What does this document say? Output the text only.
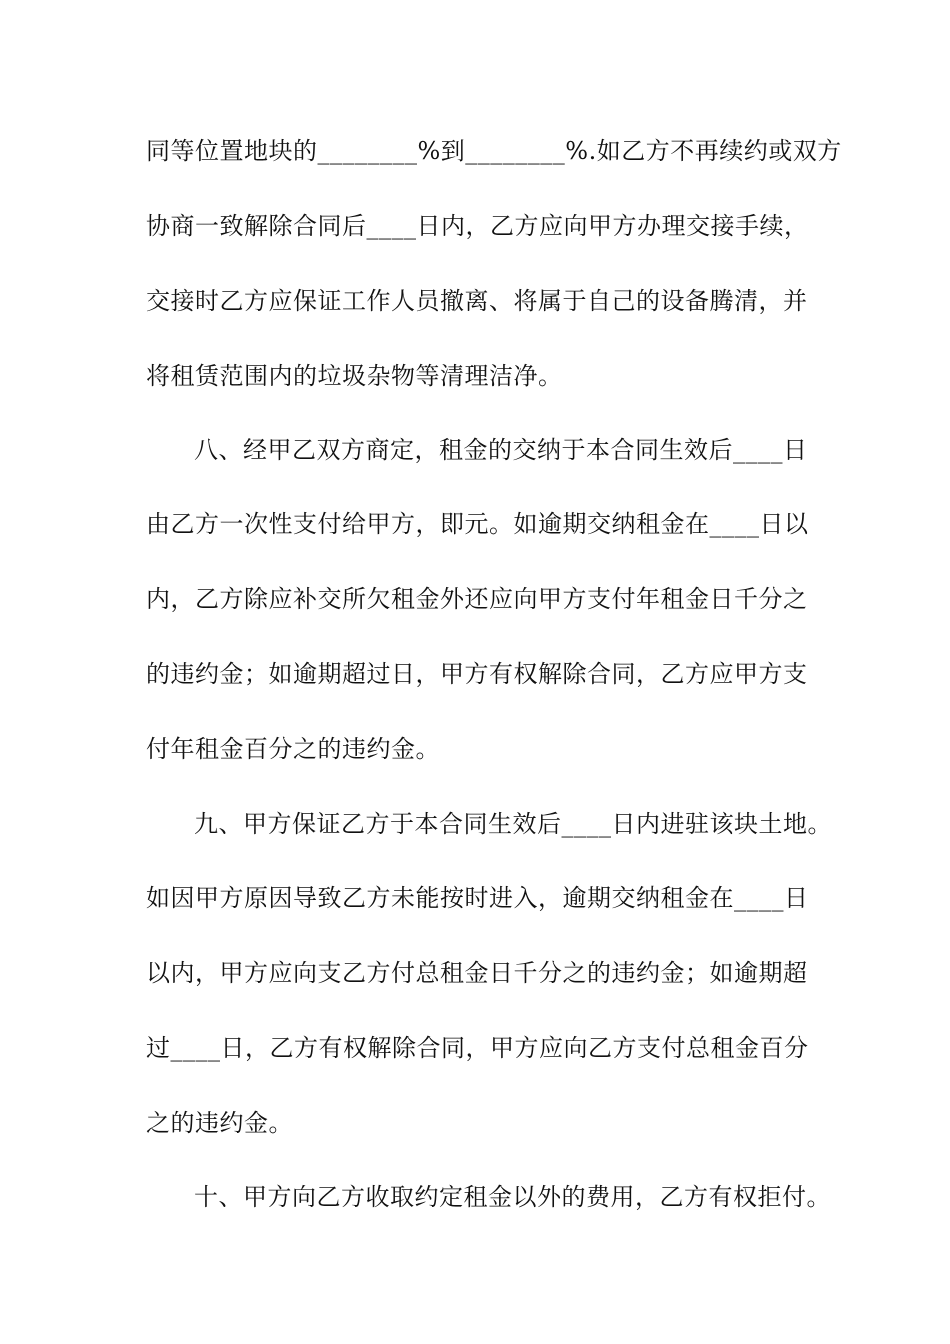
同等位置地块的________%到________%.如乙方不再续约或双方
协商一致解除合同后____日内，乙方应向甲方办理交接手续，
交接时乙方应保证工作人员撤离、将属于自己的设备腾清，并
将租赁范围内的垃圾杂物等清理洁净。
八、经甲乙双方商定，租金的交纳于本合同生效后____日
由乙方一次性支付给甲方，即元。如逾期交纳租金在____日以
内，乙方除应补交所欠租金外还应向甲方支付年租金日千分之
的违约金；如逾期超过日，甲方有权解除合同，乙方应甲方支
付年租金百分之的违约金。
九、甲方保证乙方于本合同生效后____日内进驻该块土地。
如因甲方原因导致乙方未能按时进入，逾期交纳租金在____日
以内，甲方应向支乙方付总租金日千分之的违约金；如逾期超
过____日，乙方有权解除合同，甲方应向乙方支付总租金百分
之的违约金。
十、甲方向乙方收取约定租金以外的费用，乙方有权拒付。
